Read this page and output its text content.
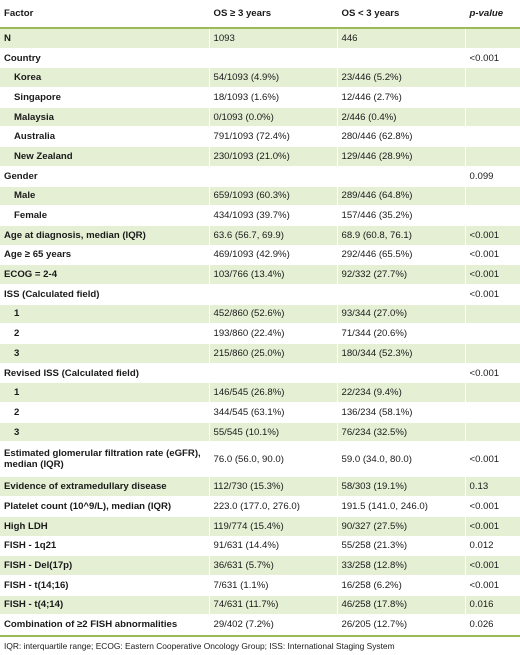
Factor	OS ≥ 3 years	OS < 3 years	p-value
N	1093	446	
Country			<0.001
Korea	54/1093 (4.9%)	23/446 (5.2%)	
Singapore	18/1093 (1.6%)	12/446 (2.7%)	
Malaysia	0/1093 (0.0%)	2/446 (0.4%)	
Australia	791/1093 (72.4%)	280/446 (62.8%)	
New Zealand	230/1093 (21.0%)	129/446 (28.9%)	
Gender			0.099
Male	659/1093 (60.3%)	289/446 (64.8%)	
Female	434/1093 (39.7%)	157/446 (35.2%)	
Age at diagnosis, median (IQR)	63.6 (56.7, 69.9)	68.9 (60.8, 76.1)	<0.001
Age ≥ 65 years	469/1093 (42.9%)	292/446 (65.5%)	<0.001
ECOG = 2-4	103/766 (13.4%)	92/332 (27.7%)	<0.001
ISS (Calculated field)			<0.001
1	452/860 (52.6%)	93/344 (27.0%)	
2	193/860 (22.4%)	71/344 (20.6%)	
3	215/860 (25.0%)	180/344 (52.3%)	
Revised ISS (Calculated field)			<0.001
1	146/545 (26.8%)	22/234 (9.4%)	
2	344/545 (63.1%)	136/234 (58.1%)	
3	55/545 (10.1%)	76/234 (32.5%)	
Estimated glomerular filtration rate (eGFR), median (IQR)	76.0 (56.0, 90.0)	59.0 (34.0, 80.0)	<0.001
Evidence of extramedullary disease	112/730 (15.3%)	58/303 (19.1%)	0.13
Platelet count (10^9/L), median (IQR)	223.0 (177.0, 276.0)	191.5 (141.0, 246.0)	<0.001
High LDH	119/774 (15.4%)	90/327 (27.5%)	<0.001
FISH - 1q21	91/631 (14.4%)	55/258 (21.3%)	0.012
FISH - Del(17p)	36/631 (5.7%)	33/258 (12.8%)	<0.001
FISH - t(14;16)	7/631 (1.1%)	16/258 (6.2%)	<0.001
FISH - t(4;14)	74/631 (11.7%)	46/258 (17.8%)	0.016
Combination of ≥2 FISH abnormalities	29/402 (7.2%)	26/205 (12.7%)	0.026
IQR: interquartile range; ECOG: Eastern Cooperative Oncology Group; ISS: International Staging System
